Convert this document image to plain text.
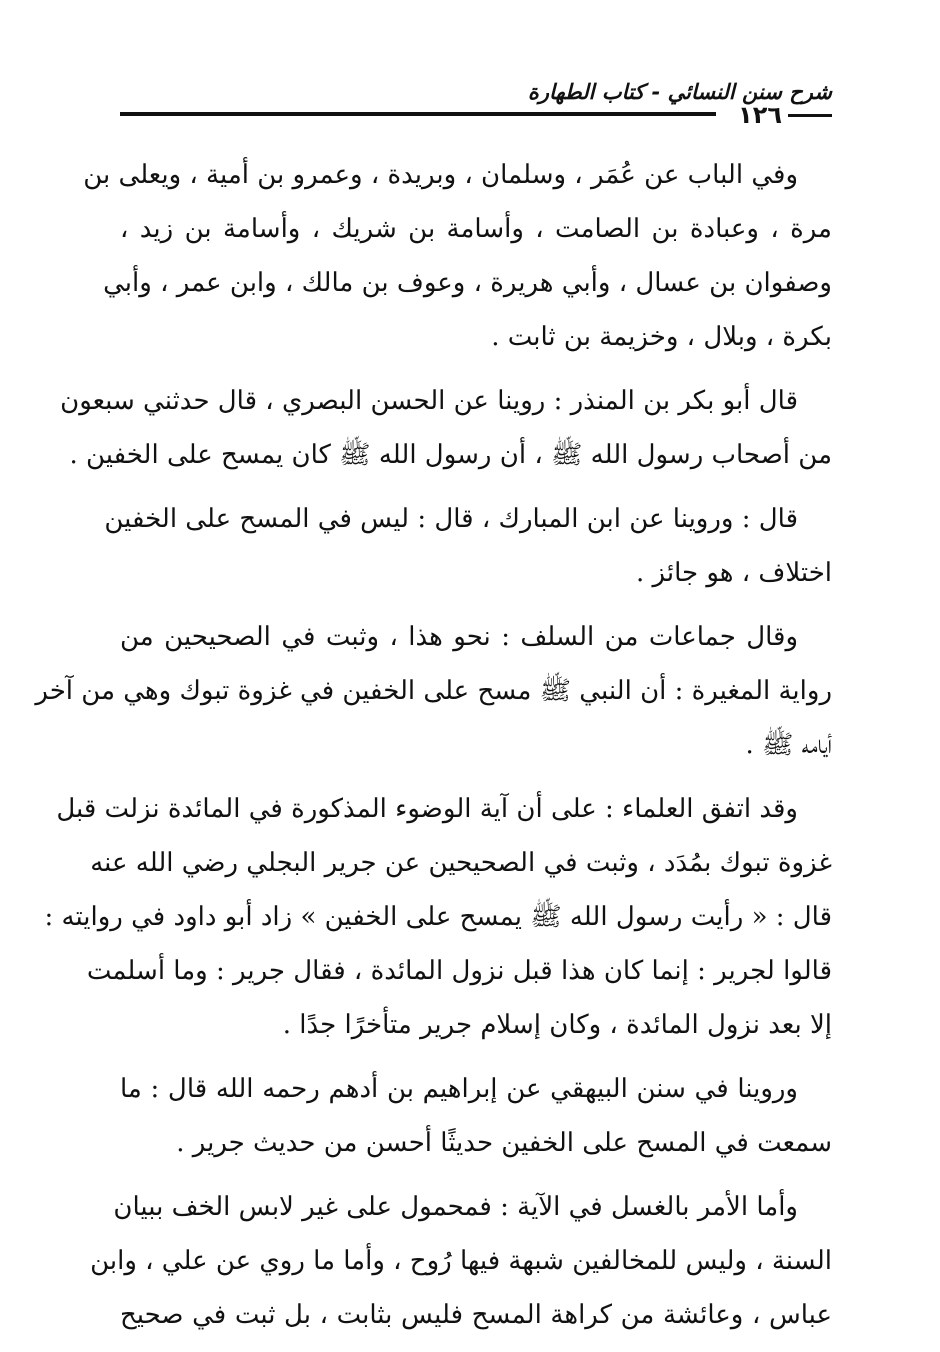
شرح سنن النسائي - كتاب الطهارة
١٢٦

وفي الباب عن عُمَر ، وسلمان ، وبريدة ، وعمرو بن أمية ، ويعلى بن
مرة ، وعبادة بن الصامت ، وأسامة بن شريك ، وأسامة بن زيد ،
وصفوان بن عسال ، وأبي هريرة ، وعوف بن مالك ، وابن عمر ، وأبي
بكرة ، وبلال ، وخزيمة بن ثابت .

قال أبو بكر بن المنذر : روينا عن الحسن البصري ، قال حدثني سبعون
من أصحاب رسول الله ﷺ ، أن رسول الله ﷺ كان يمسح على الخفين .

قال : وروينا عن ابن المبارك ، قال : ليس في المسح على الخفين
اختلاف ، هو جائز .

وقال جماعات من السلف : نحو هذا ، وثبت في الصحيحين من
رواية المغيرة : أن النبي ﷺ مسح على الخفين في غزوة تبوك وهي من آخر
أيامه ﷺ .

وقد اتفق العلماء : على أن آية الوضوء المذكورة في المائدة نزلت قبل
غزوة تبوك بمُدَد ، وثبت في الصحيحين عن جرير البجلي رضي الله عنه
قال : « رأيت رسول الله ﷺ يمسح على الخفين » زاد أبو داود في روايته :
قالوا لجرير : إنما كان هذا قبل نزول المائدة ، فقال جرير : وما أسلمت
إلا بعد نزول المائدة ، وكان إسلام جرير متأخرًا جدًا .

وروينا في سنن البيهقي عن إبراهيم بن أدهم رحمه الله قال : ما
سمعت في المسح على الخفين حديثًا أحسن من حديث جرير .

وأما الأمر بالغسل في الآية : فمحمول على غير لابس الخف ببيان
السنة ، وليس للمخالفين شبهة فيها رُوح ، وأما ما روي عن علي ، وابن
عباس ، وعائشة من كراهة المسح فليس بثابت ، بل ثبت في صحيح
